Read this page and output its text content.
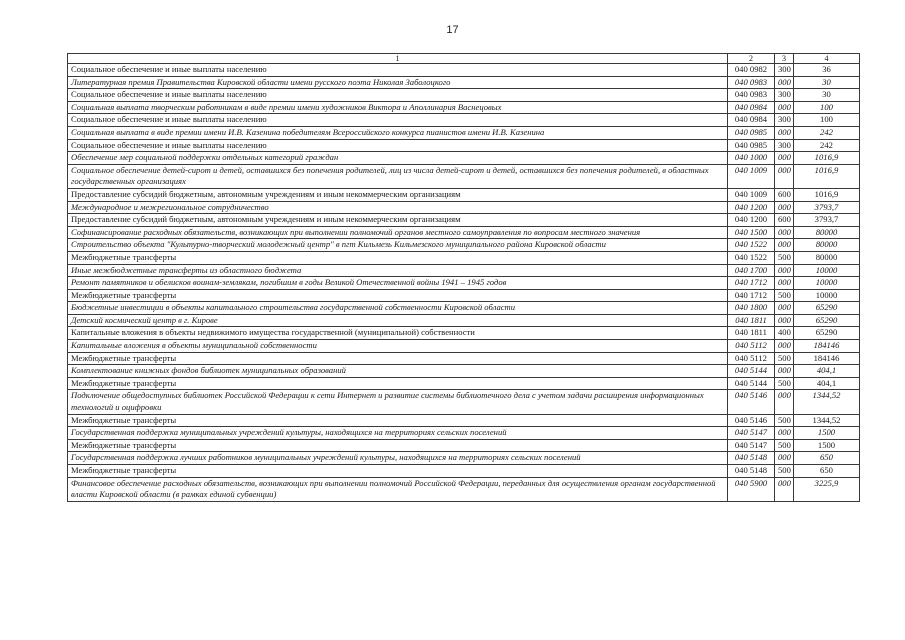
17
1	2	3	4
Социальное обеспечение и иные выплаты населению	040 0982	300	36
Литературная премия Правительства Кировской области имени русского поэта Николая Заболоцкого	040 0983	000	30
Социальное обеспечение и иные выплаты населению	040 0983	300	30
Социальная выплата творческим работникам в виде премии имени художников Виктора и Аполлинария Васнецовых	040 0984	000	100
Социальное обеспечение и иные выплаты населению	040 0984	300	100
Социальная выплата в виде премии имени И.В. Казенина победителям Всероссийского конкурса пианистов имени И.В. Казенина	040 0985	000	242
Социальное обеспечение и иные выплаты населению	040 0985	300	242
Обеспечение мер социальной поддержки отдельных категорий граждан	040 1000	000	1016,9
Социальное обеспечение детей-сирот и детей, оставшихся без попечения родителей, лиц из числа детей-сирот и детей, оставшихся без попечения родителей, в областных государственных организациях	040 1009	000	1016,9
Предоставление субсидий бюджетным, автономным учреждениям и иным некоммерческим организациям	040 1009	600	1016,9
Международное и межрегиональное сотрудничество	040 1200	000	3793,7
Предоставление субсидий бюджетным, автономным учреждениям и иным некоммерческим организациям	040 1200	600	3793,7
Софинансирование расходных обязательств, возникающих при выполнении полномочий органов местного самоуправления по вопросам местного значения	040 1500	000	80000
Строительство объекта "Культурно-творческий молодежный центр" в пгт Кильмезь Кильмезского муниципального района Кировской области	040 1522	000	80000
Межбюджетные трансферты	040 1522	500	80000
Иные межбюджетные трансферты из областного бюджета	040 1700	000	10000
Ремонт памятников и обелисков воинам-землякам, погибшим в годы Великой Отечественной войны 1941 – 1945 годов	040 1712	000	10000
Межбюджетные трансферты	040 1712	500	10000
Бюджетные инвестиции в объекты капитального строительства государственной собственности Кировской области	040 1800	000	65290
Детский космический центр в г. Кирове	040 1811	000	65290
Капитальные вложения в объекты недвижимого имущества государственной (муниципальной) собственности	040 1811	400	65290
Капитальные вложения в объекты муниципальной собственности	040 5112	000	184146
Межбюджетные трансферты	040 5112	500	184146
Комплектование книжных фондов библиотек муниципальных образований	040 5144	000	404,1
Межбюджетные трансферты	040 5144	500	404,1
Подключение общедоступных библиотек Российской Федерации к сети Интернет и развитие системы библиотечного дела с учетом задачи расширения информационных технологий и оцифровки	040 5146	000	1344,52
Межбюджетные трансферты	040 5146	500	1344,52
Государственная поддержка муниципальных учреждений культуры, находящихся на территориях сельских поселений	040 5147	000	1500
Межбюджетные трансферты	040 5147	500	1500
Государственная поддержка лучших работников муниципальных учреждений культуры, находящихся на территориях сельских поселений	040 5148	000	650
Межбюджетные трансферты	040 5148	500	650
Финансовое обеспечение расходных обязательств, возникающих при выполнении полномочий Российской Федерации, переданных для осуществления органам государственной власти Кировской области (в рамках единой субвенции)	040 5900	000	3225,9
